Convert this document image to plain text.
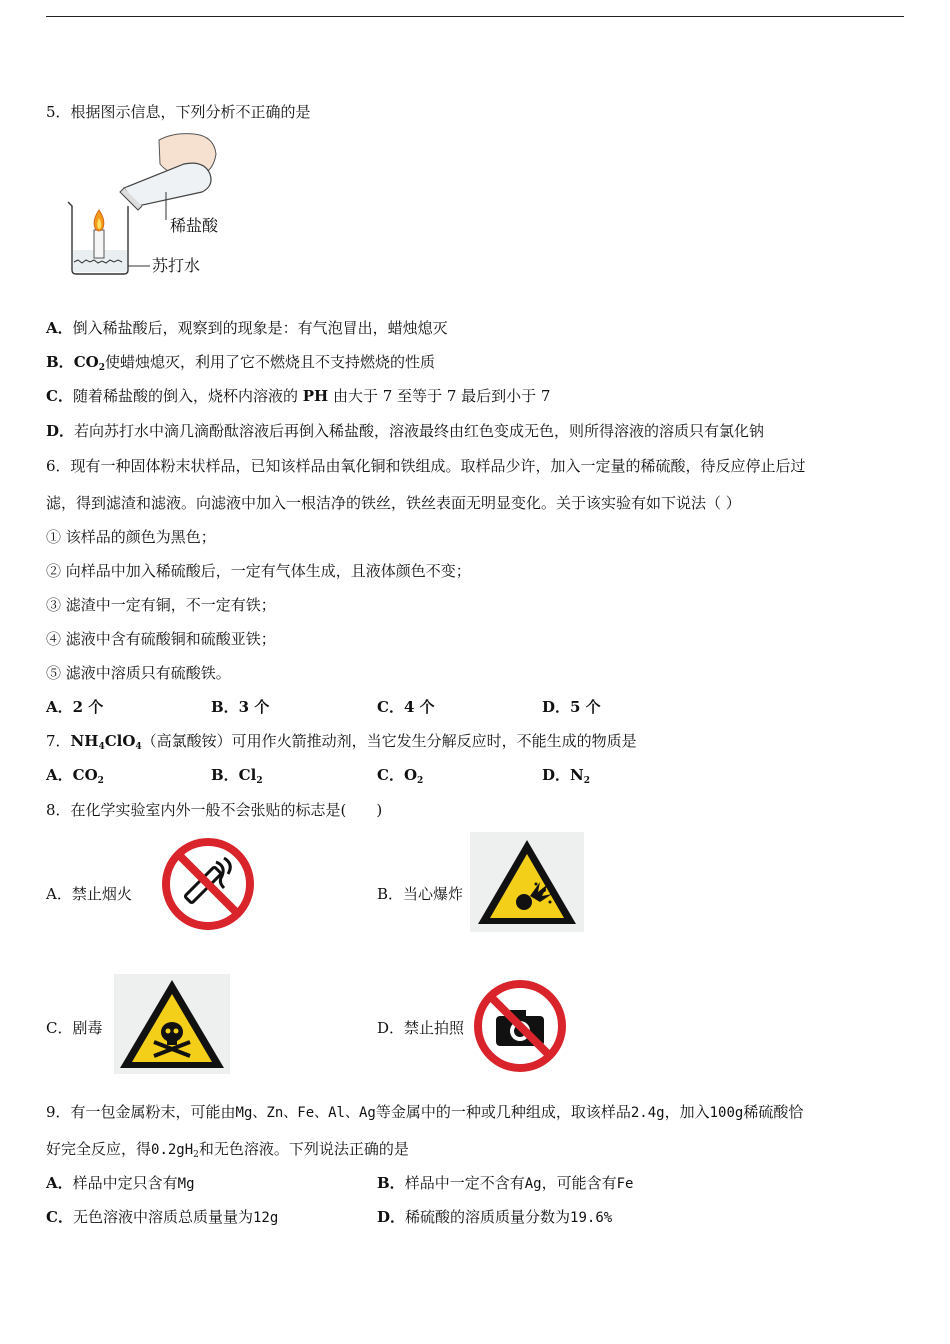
5．根据图示信息，下列分析不正确的是
稀盐酸
苏打水
A．倒入稀盐酸后，观察到的现象是：有气泡冒出，蜡烛熄灭
B．$CO_2$使蜡烛熄灭，利用了它不燃烧且不支持燃烧的性质
C．随着稀盐酸的倒入，烧杯内溶液的 PH 由大于 7 至等于 7 最后到小于 7
D．若向苏打水中滴几滴酚酞溶液后再倒入稀盐酸，溶液最终由红色变成无色，则所得溶液的溶质只有氯化钠
6．现有一种固体粉末状样品，已知该样品由氧化铜和铁组成。取样品少许，加入一定量的稀硫酸，待反应停止后过
滤，得到滤渣和滤液。向滤液中加入一根洁净的铁丝，铁丝表面无明显变化。关于该实验有如下说法（ ）
① 该样品的颜色为黑色；
② 向样品中加入稀硫酸后，一定有气体生成，且液体颜色不变；
③ 滤渣中一定有铜，不一定有铁；
④ 滤液中含有硫酸铜和硫酸亚铁；
⑤ 滤液中溶质只有硫酸铁。
A．2 个	B．3 个	C．4 个	D．5 个
7．$NH_4ClO_4$（高氯酸铵）可用作火箭推动剂，当它发生分解反应时，不能生成的物质是
A．$CO_2$	B．$Cl_2$	C．$O_2$	D．$N_2$
8．在化学实验室内外一般不会张贴的标志是(　　)
A．禁止烟火	B．当心爆炸
C．剧毒	D．禁止拍照
9．有一包金属粉末，可能由Mg、Zn、Fe、Al、Ag等金属中的一种或几种组成，取该样品2.4g，加入100g稀硫酸恰
好完全反应，得$0.2gH_2$和无色溶液。下列说法正确的是
A．样品中定只含有Mg	B．样品中一定不含有Ag，可能含有Fe
C．无色溶液中溶质总质量量为12g	D．稀硫酸的溶质质量分数为19.6%
